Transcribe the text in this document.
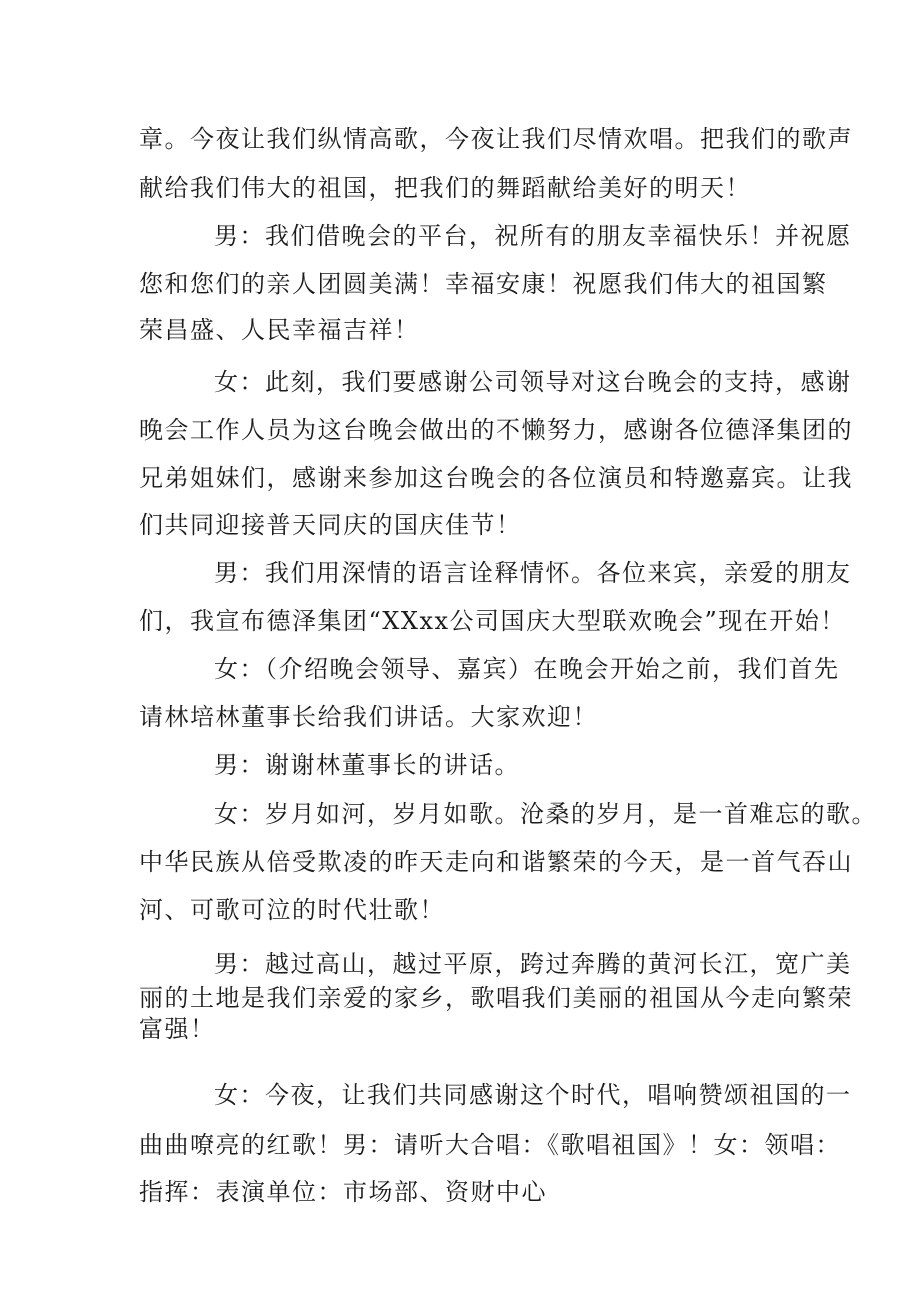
章。今夜让我们纵情高歌，今夜让我们尽情欢唱。把我们的歌声
献给我们伟大的祖国，把我们的舞蹈献给美好的明天！
男：我们借晚会的平台，祝所有的朋友幸福快乐！并祝愿
您和您们的亲人团圆美满！幸福安康！祝愿我们伟大的祖国繁
荣昌盛、人民幸福吉祥！
女：此刻，我们要感谢公司领导对这台晚会的支持，感谢
晚会工作人员为这台晚会做出的不懒努力，感谢各位德泽集团的
兄弟姐妹们，感谢来参加这台晚会的各位演员和特邀嘉宾。让我
们共同迎接普天同庆的国庆佳节！
男：我们用深情的语言诠释情怀。各位来宾，亲爱的朋友
们，我宣布德泽集团“XXxx公司国庆大型联欢晚会”现在开始！
女：（介绍晚会领导、嘉宾）在晚会开始之前，我们首先
请林培林董事长给我们讲话。大家欢迎！
男：谢谢林董事长的讲话。
女：岁月如河，岁月如歌。沧桑的岁月，是一首难忘的歌。
中华民族从倍受欺凌的昨天走向和谐繁荣的今天，是一首气吞山
河、可歌可泣的时代壮歌！
男：越过高山，越过平原，跨过奔腾的黄河长江，宽广美
丽的土地是我们亲爱的家乡，歌唱我们美丽的祖国从今走向繁荣
富强！
女：今夜，让我们共同感谢这个时代，唱响赞颂祖国的一
曲曲嘹亮的红歌！男：请听大合唱：《歌唱祖国》！女：领唱：
指挥：表演单位：市场部、资财中心
